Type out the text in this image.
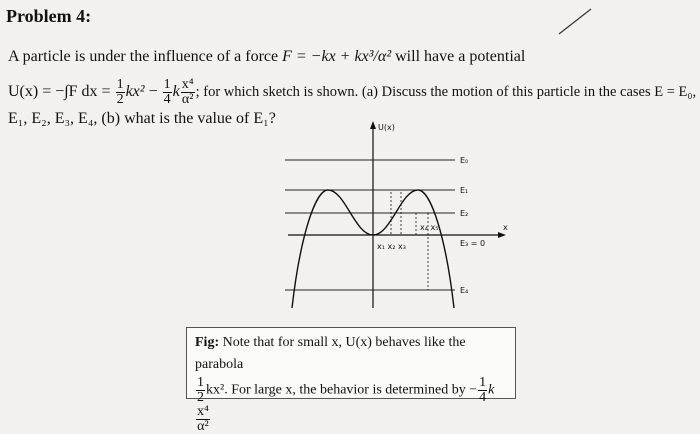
Problem 4:
A particle is under the influence of a force F = −kx + kx³/α² will have a potential
U(x) = −∫F dx = $\frac{1}{2} kx^2 - \frac{1}{4}$ k $\frac{\text{x⁴}}{\text{α²}}$ ; for which sketch is shown. (a) Discuss the motion of this particle in the cases E = E₀,
E₁, E₂, E₃, E₄, (b) what is the value of E₁?
U(x)
x
E₀
E₁
E₂
E₃ = 0
E₄
x₁ x₂ x₃
x₄ x₅
Fig: Note that for small x, U(x) behaves like the parabola
$\frac{1}{2} kx^2$. For large x, the behavior is determined by − $\frac{1}{4}$ k
$\frac{\text{x⁴}}{\text{α²}}$
